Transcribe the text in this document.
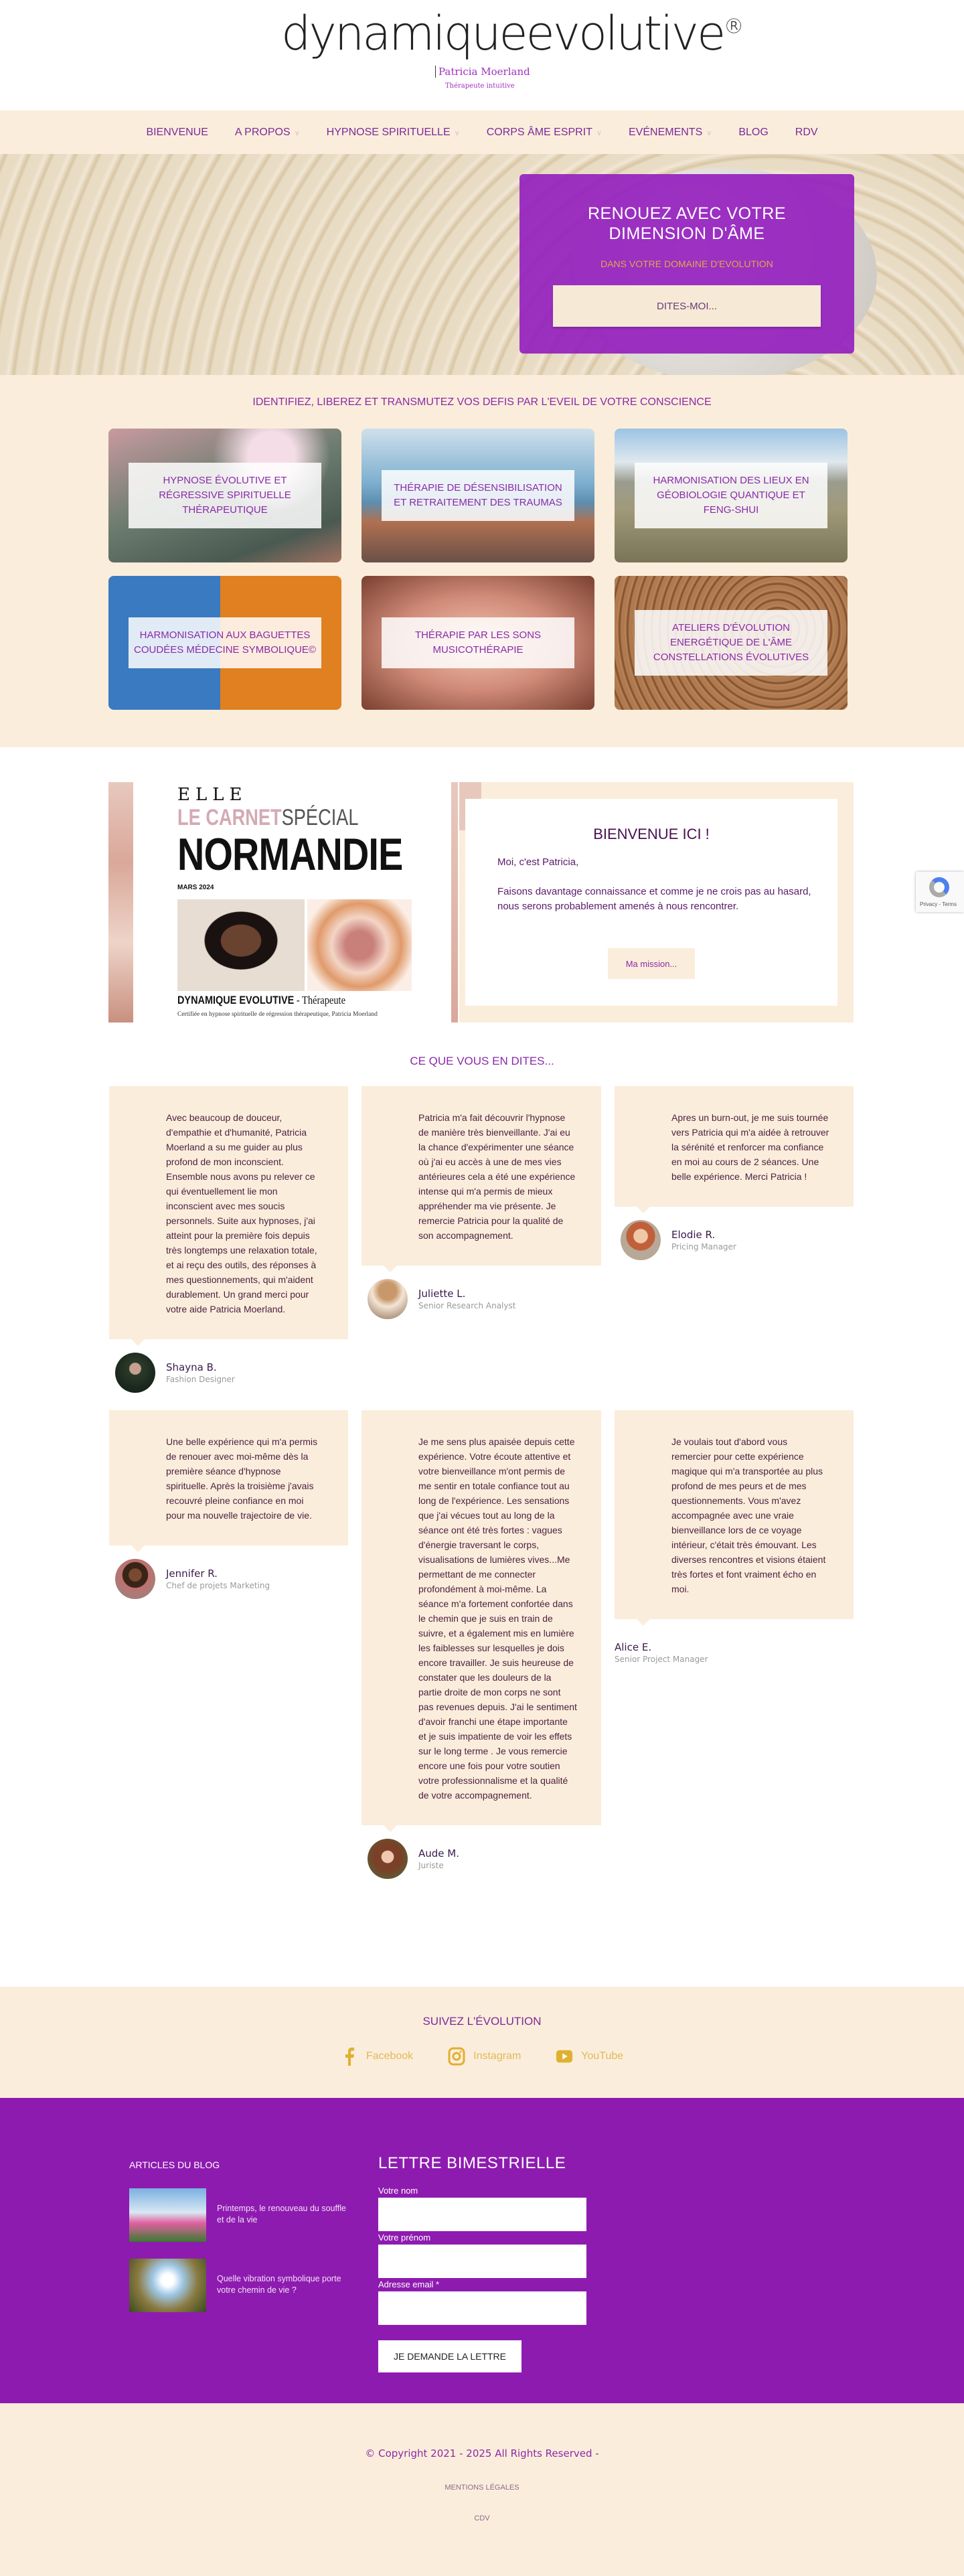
dynamiqueevolutive®
Patricia Moerland
Thérapeute intuitive
BIENVENUE	A PROPOS ∨	HYPNOSE SPIRITUELLE ∨	CORPS ÂME ESPRIT ∨	EVÉNEMENTS ∨	BLOG	RDV
RENOUEZ AVEC VOTRE
DIMENSION D'ÂME
DANS VOTRE DOMAINE D'EVOLUTION
DITES-MOI...
IDENTIFIEZ, LIBEREZ ET TRANSMUTEZ VOS DEFIS PAR L'EVEIL DE VOTRE CONSCIENCE
HYPNOSE ÉVOLUTIVE ET RÉGRESSIVE SPIRITUELLE THÉRAPEUTIQUE
THÉRAPIE DE DÉSENSIBILISATION ET RETRAITEMENT DES TRAUMAS
HARMONISATION DES LIEUX EN GÉOBIOLOGIE QUANTIQUE ET FENG-SHUI
HARMONISATION AUX BAGUETTES COUDÉES MÉDECINE SYMBOLIQUE©
THÉRAPIE PAR LES SONS MUSICOTHÉRAPIE
ATELIERS D'ÉVOLUTION ENERGÉTIQUE DE L'ÂME CONSTELLATIONS ÉVOLUTIVES
ELLE
LE CARNETSPÉCIAL
NORMANDIE
MARS 2024
DYNAMIQUE EVOLUTIVE - Thérapeute
Certifiée en hypnose spirituelle de régression thérapeutique, Patricia Moerland
BIENVENUE ICI !
Moi, c'est Patricia,
Faisons davantage connaissance et comme je ne crois pas au hasard, nous serons probablement amenés à nous rencontrer.
Ma mission...
Privacy - Terms
CE QUE VOUS EN DITES...
Avec beaucoup de douceur, d'empathie et d'humanité, Patricia Moerland a su me guider au plus profond de mon inconscient. Ensemble nous avons pu relever ce qui éventuellement lie mon inconscient avec mes soucis personnels. Suite aux hypnoses, j'ai atteint pour la première fois depuis très longtemps une relaxation totale, et ai reçu des outils, des réponses à mes questionnements, qui m'aident durablement. Un grand merci pour votre aide Patricia Moerland.
Shayna B.
Fashion Designer
Patricia m'a fait découvrir l'hypnose de manière très bienveillante. J'ai eu la chance d'expérimenter une séance où j'ai eu accès à une de mes vies antérieures cela a été une expérience intense qui m'a permis de mieux appréhender ma vie présente. Je remercie Patricia pour la qualité de son accompagnement.
Juliette L.
Senior Research Analyst
Apres un burn-out, je me suis tournée vers Patricia qui m'a aidée à retrouver la sérénité et renforcer ma confiance en moi au cours de 2 séances. Une belle expérience. Merci Patricia !
Elodie R.
Pricing Manager
Une belle expérience qui m'a permis de renouer avec moi-même dès la première séance d'hypnose spirituelle. Après la troisième j'avais recouvré pleine confiance en moi pour ma nouvelle trajectoire de vie.
Jennifer R.
Chef de projets Marketing
Je me sens plus apaisée depuis cette expérience. Votre écoute attentive et votre bienveillance m'ont permis de me sentir en totale confiance tout au long de l'expérience. Les sensations que j'ai vécues tout au long de la séance ont été très fortes : vagues d'énergie traversant le corps, visualisations de lumières vives...Me permettant de me connecter profondément à moi-même. La séance m'a fortement confortée dans le chemin que je suis en train de suivre, et a également mis en lumière les faiblesses sur lesquelles je dois encore travailler. Je suis heureuse de constater que les douleurs de la partie droite de mon corps ne sont pas revenues depuis. J'ai le sentiment d'avoir franchi une étape importante et je suis impatiente de voir les effets sur le long terme . Je vous remercie encore une fois pour votre soutien votre professionnalisme et la qualité de votre accompagnement.
Aude M.
Juriste
Je voulais tout d'abord vous remercier pour cette expérience magique qui m'a transportée au plus profond de mes peurs et de mes questionnements. Vous m'avez accompagnée avec une vraie bienveillance lors de ce voyage intérieur, c'était très émouvant. Les diverses rencontres et visions étaient très fortes et font vraiment écho en moi.
Alice E.
Senior Project Manager
SUIVEZ L'ÉVOLUTION
Facebook	Instagram	YouTube
ARTICLES DU BLOG
Printemps, le renouveau du souffle et de la vie
Quelle vibration symbolique porte votre chemin de vie ?
LETTRE BIMESTRIELLE
Votre nom
Votre prénom
Adresse email *
JE DEMANDE LA LETTRE
© Copyright 2021 - 2025 All Rights Reserved -
MENTIONS LÉGALES
CDV
